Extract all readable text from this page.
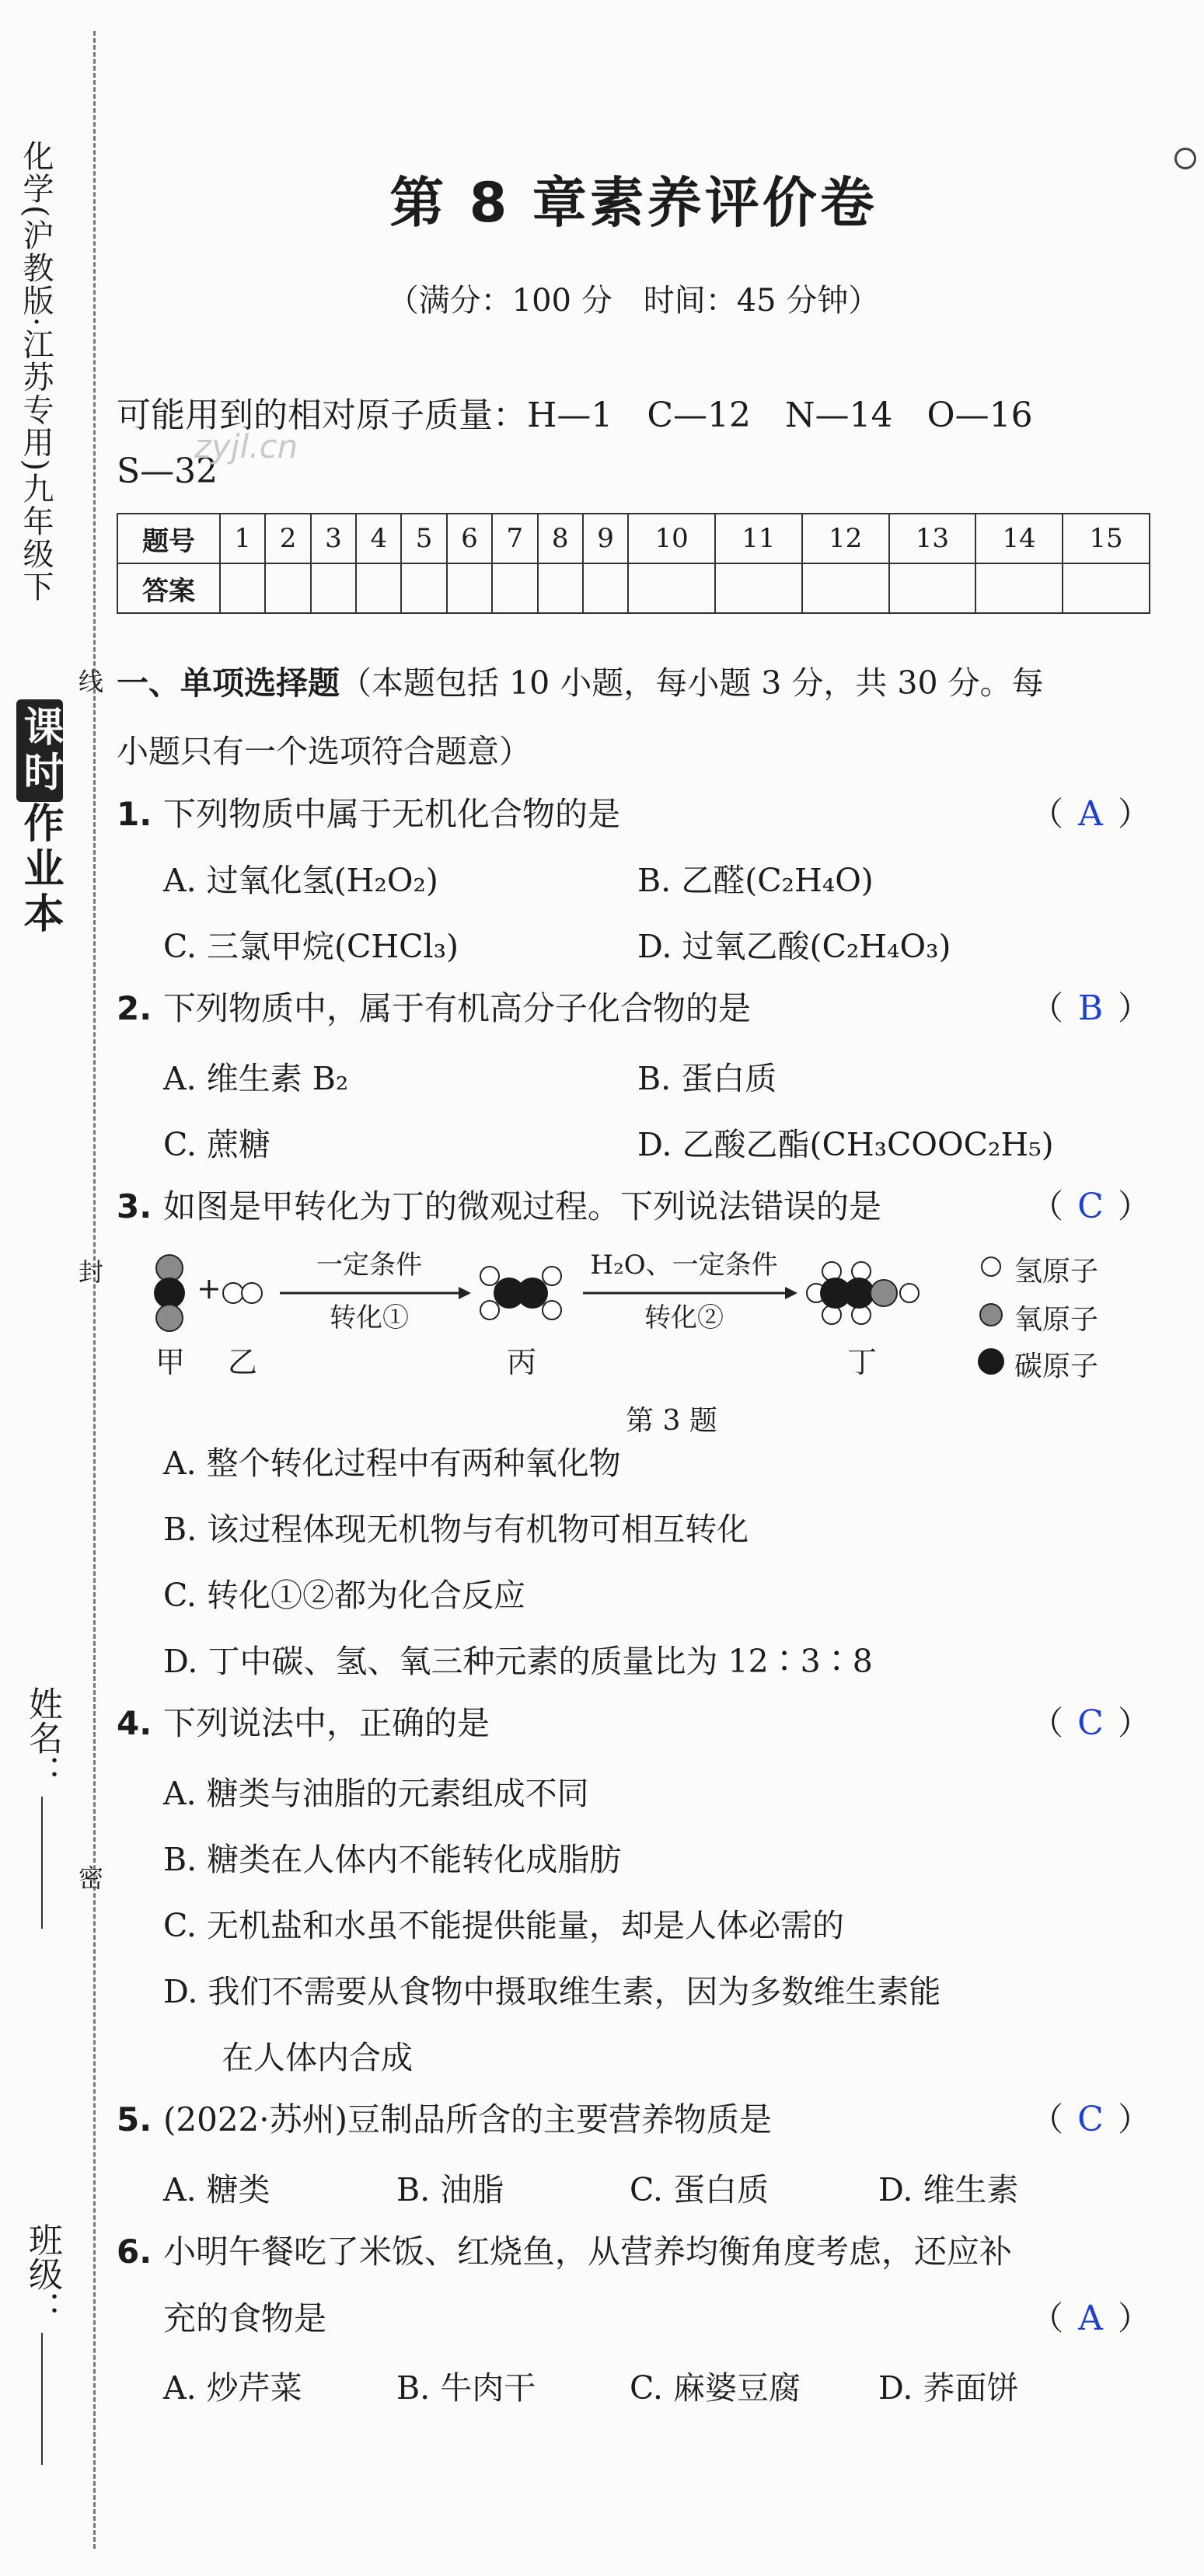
化学(沪教版·江苏专用)九年级下
课时作业本
线
封
密
姓名：
班级：
第 8 章素养评价卷
（满分：100 分　时间：45 分钟）
可能用到的相对原子质量：H—1　C—12　N—14　O—16
S—32
zyjl.cn
题号	1	2	3	4	5	6	7	8	9	10	11	12	13	14	15
答案															
一、单项选择题（本题包括 10 小题，每小题 3 分，共 30 分。每
小题只有一个选项符合题意）
1. 下列物质中属于无机化合物的是	（ A ）
A. 过氧化氢(H₂O₂)	B. 乙醛(C₂H₄O)
C. 三氯甲烷(CHCl₃)	D. 过氧乙酸(C₂H₄O₃)
2. 下列物质中，属于有机高分子化合物的是	（ B ）
A. 维生素 B₂	B. 蛋白质
C. 蔗糖	D. 乙酸乙酯(CH₃COOC₂H₅)
3. 如图是甲转化为丁的微观过程。下列说法错误的是	（ C ）
+
一定条件
转化①
H₂O、一定条件
转化②
甲 乙	丙	丁
氢原子
氧原子
碳原子
第 3 题
A. 整个转化过程中有两种氧化物
B. 该过程体现无机物与有机物可相互转化
C. 转化①②都为化合反应
D. 丁中碳、氢、氧三种元素的质量比为 12∶3∶8
4. 下列说法中，正确的是	（ C ）
A. 糖类与油脂的元素组成不同
B. 糖类在人体内不能转化成脂肪
C. 无机盐和水虽不能提供能量，却是人体必需的
D. 我们不需要从食物中摄取维生素，因为多数维生素能
在人体内合成
5. (2022·苏州)豆制品所含的主要营养物质是	（ C ）
A. 糖类	B. 油脂	C. 蛋白质	D. 维生素
6. 小明午餐吃了米饭、红烧鱼，从营养均衡角度考虑，还应补
充的食物是	（ A ）
A. 炒芹菜	B. 牛肉干	C. 麻婆豆腐 D. 荞面饼
